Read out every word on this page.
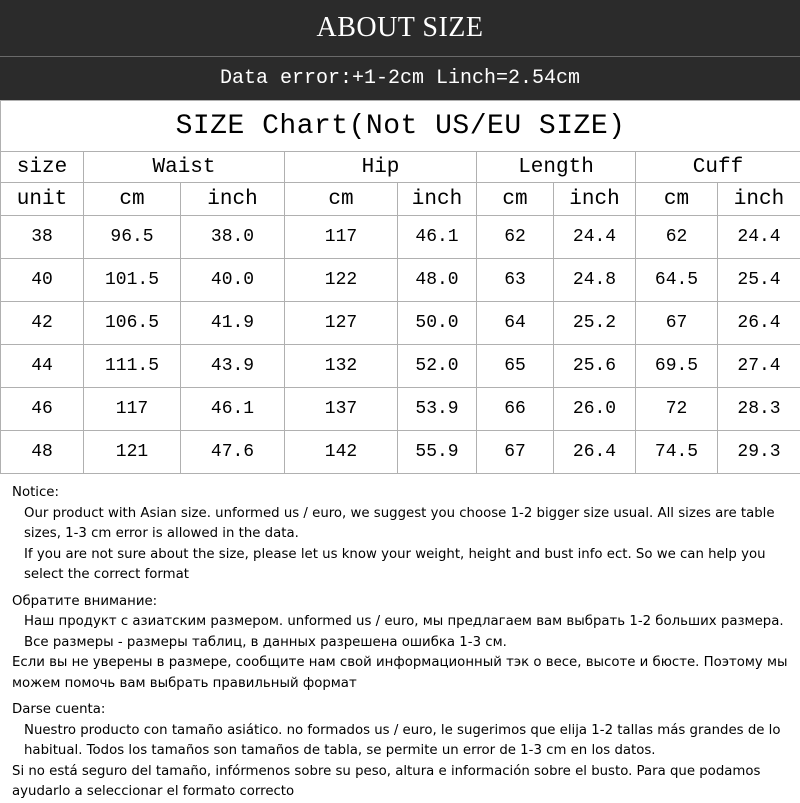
ABOUT SIZE
Data error:+1-2cm Linch=2.54cm
SIZE Chart(Not US/EU SIZE)								
size	Waist		Hip		Length		Cuff	
unit	cm	inch	cm	inch	cm	inch	cm	inch
38	96.5	38.0	117	46.1	62	24.4	62	24.4
40	101.5	40.0	122	48.0	63	24.8	64.5	25.4
42	106.5	41.9	127	50.0	64	25.2	67	26.4
44	111.5	43.9	132	52.0	65	25.6	69.5	27.4
46	117	46.1	137	53.9	66	26.0	72	28.3
48	121	47.6	142	55.9	67	26.4	74.5	29.3

Notice:

Our product with Asian size. unformed us / euro, we suggest you choose 1-2 bigger size usual. All sizes are table sizes, 1-3 cm error is allowed in the data.

If you are not sure about the size, please let us know your weight, height and bust info ect. So we can help you select the correct format

Обратите внимание:

Наш продукт с азиатским размером. unformed us / euro, мы предлагаем вам выбрать 1-2 больших размера. Все размеры - размеры таблиц, в данных разрешена ошибка 1-3 см.

Если вы не уверены в размере, сообщите нам свой информационный тэк о весе, высоте и бюсте. Поэтому мы можем помочь вам выбрать правильный формат

Darse cuenta:

Nuestro producto con tamaño asiático. no formados us / euro, le sugerimos que elija 1-2 tallas más grandes de lo habitual. Todos los tamaños son tamaños de tabla, se permite un error de 1-3 cm en los datos.

Si no está seguro del tamaño, infórmenos sobre su peso, altura e información sobre el busto. Para que podamos ayudarlo a seleccionar el formato correcto
